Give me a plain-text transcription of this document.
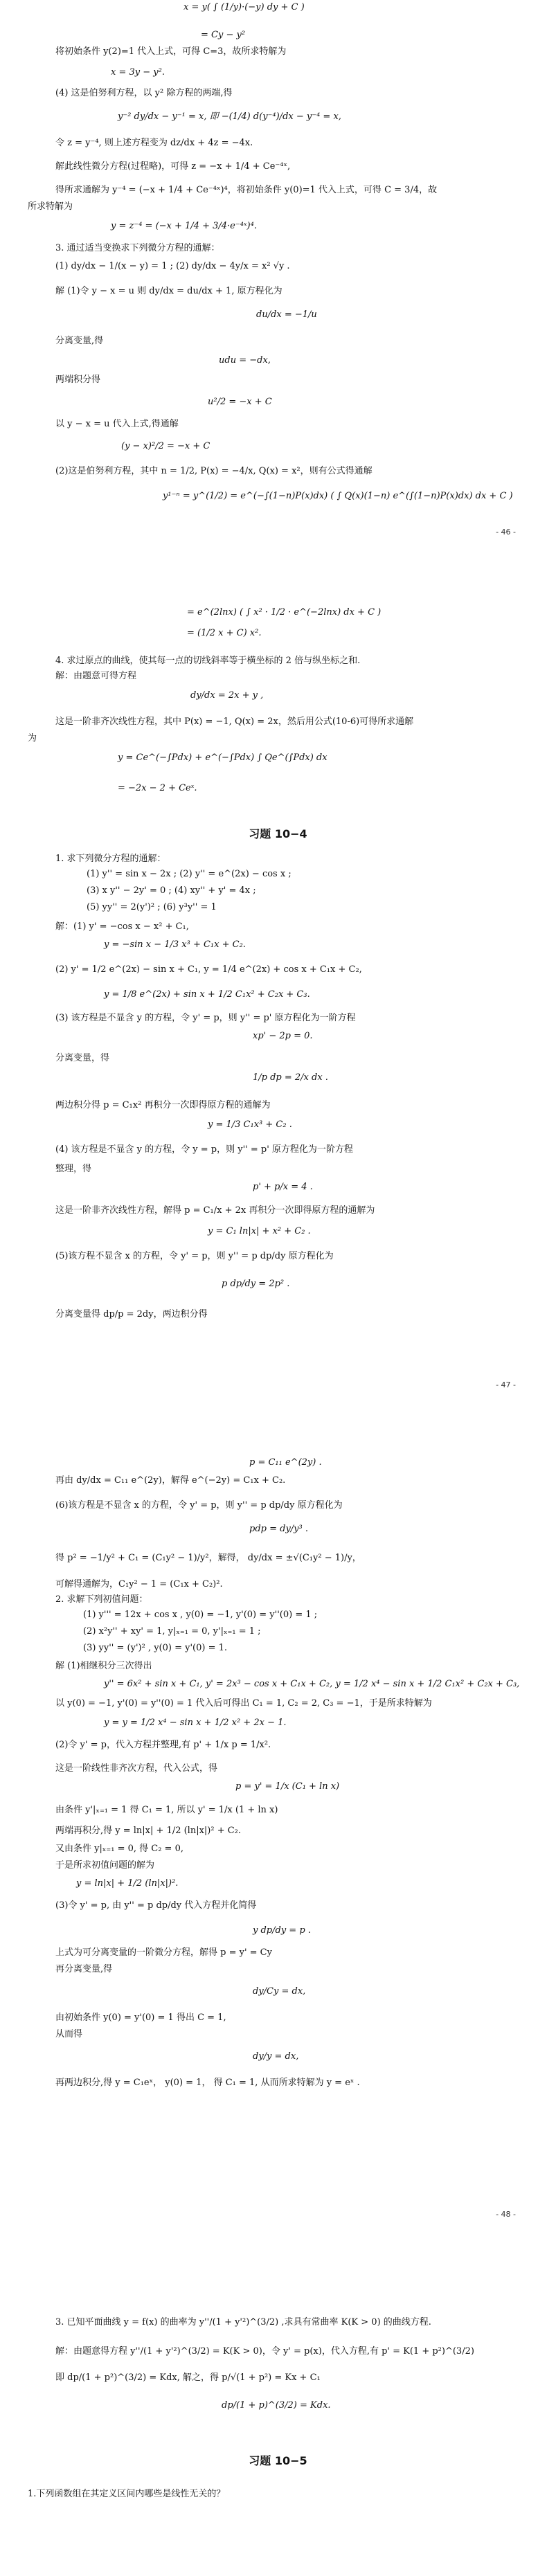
x = y( ∫ (1/y)·(−y) dy + C )
= Cy − y²
将初始条件 y(2)=1 代入上式，可得 C=3，故所求特解为
x = 3y − y².
(4) 这是伯努利方程，以 y² 除方程的两端,得
y⁻² dy/dx − y⁻¹ = x, 即 −(1/4) d(y⁻⁴)/dx − y⁻⁴ = x,
令 z = y⁻⁴, 则上述方程变为 dz/dx + 4z = −4x.
解此线性微分方程(过程略)，可得 z = −x + 1/4 + Ce⁻⁴ˣ,
得所求通解为 y⁻⁴ = (−x + 1/4 + Ce⁻⁴ˣ)⁴，将初始条件 y(0)=1 代入上式，可得 C = 3/4，故
所求特解为
y = z⁻⁴ = (−x + 1/4 + 3/4·e⁻⁴ˣ)⁴.
3. 通过适当变换求下列微分方程的通解：
(1) dy/dx − 1/(x − y) = 1 ; (2) dy/dx − 4y/x = x² √y .
解 (1)令 y − x = u 则 dy/dx = du/dx + 1, 原方程化为
du/dx = −1/u
分离变量,得
udu = −dx,
两端积分得
u²/2 = −x + C
以 y − x = u 代入上式,得通解
(y − x)²/2 = −x + C
(2)这是伯努利方程，其中 n = 1/2, P(x) = −4/x, Q(x) = x²，则有公式得通解
y¹⁻ⁿ = y^(1/2) = e^(−∫(1−n)P(x)dx) ( ∫ Q(x)(1−n) e^(∫(1−n)P(x)dx) dx + C )
- 46 -
= e^(2lnx) ( ∫ x² · 1/2 · e^(−2lnx) dx + C )
= (1/2 x + C) x².
4. 求过原点的曲线，使其每一点的切线斜率等于横坐标的 2 倍与纵坐标之和.
解：由题意可得方程
dy/dx = 2x + y ,
这是一阶非齐次线性方程，其中 P(x) = −1, Q(x) = 2x，然后用公式(10-6)可得所求通解
为
y = Ce^(−∫Pdx) + e^(−∫Pdx) ∫ Qe^(∫Pdx) dx
= −2x − 2 + Ceˣ.
习题 10−4
1. 求下列微分方程的通解：
(1) y'' = sin x − 2x ; (2) y'' = e^(2x) − cos x ;
(3) x y'' − 2y' = 0 ; (4) xy'' + y' = 4x ;
(5) yy'' = 2(y')² ; (6) y³y'' = 1
解：(1) y' = −cos x − x² + C₁,
y = −sin x − 1/3 x³ + C₁x + C₂.
(2) y' = 1/2 e^(2x) − sin x + C₁, y = 1/4 e^(2x) + cos x + C₁x + C₂,
y = 1/8 e^(2x) + sin x + 1/2 C₁x² + C₂x + C₃.
(3) 该方程是不显含 y 的方程，令 y' = p，则 y'' = p' 原方程化为一阶方程
xp' − 2p = 0.
分离变量，得
1/p dp = 2/x dx .
两边积分得 p = C₁x² 再积分一次即得原方程的通解为
y = 1/3 C₁x³ + C₂ .
(4) 该方程是不显含 y 的方程，令 y = p，则 y'' = p' 原方程化为一阶方程
整理，得
p' + p/x = 4 .
这是一阶非齐次线性方程，解得 p = C₁/x + 2x 再积分一次即得原方程的通解为
y = C₁ ln|x| + x² + C₂ .
(5)该方程不显含 x 的方程，令 y' = p，则 y'' = p dp/dy 原方程化为
p dp/dy = 2p² .
分离变量得 dp/p = 2dy，两边积分得
- 47 -
p = C₁₁ e^(2y) .
再由 dy/dx = C₁₁ e^(2y)，解得 e^(−2y) = C₁x + C₂.
(6)该方程是不显含 x 的方程，令 y' = p，则 y'' = p dp/dy 原方程化为
pdp = dy/y³ .
得 p² = −1/y² + C₁ = (C₁y² − 1)/y²，解得， dy/dx = ±√(C₁y² − 1)/y，
可解得通解为，C₁y² − 1 = (C₁x + C₂)².
2. 求解下列初值问题：
(1) y''' = 12x + cos x , y(0) = −1, y'(0) = y''(0) = 1 ;
(2) x²y'' + xy' = 1, y|ₓ₌₁ = 0, y'|ₓ₌₁ = 1 ;
(3) yy'' = (y')² , y(0) = y'(0) = 1.
解 (1)相继积分三次得出
y'' = 6x² + sin x + C₁, y' = 2x³ − cos x + C₁x + C₂, y = 1/2 x⁴ − sin x + 1/2 C₁x² + C₂x + C₃,
以 y(0) = −1, y'(0) = y''(0) = 1 代入后可得出 C₁ = 1, C₂ = 2, C₃ = −1，于是所求特解为
y = y = 1/2 x⁴ − sin x + 1/2 x² + 2x − 1.
(2)令 y' = p，代入方程并整理,有 p' + 1/x p = 1/x².
这是一阶线性非齐次方程，代入公式，得
p = y' = 1/x (C₁ + ln x)
由条件 y'|ₓ₌₁ = 1 得 C₁ = 1, 所以 y' = 1/x (1 + ln x)
两端再积分,得 y = ln|x| + 1/2 (ln|x|)² + C₂.
又由条件 y|ₓ₌₁ = 0, 得 C₂ = 0,
于是所求初值问题的解为
y = ln|x| + 1/2 (ln|x|)².
(3)令 y' = p, 由 y'' = p dp/dy 代入方程并化简得
y dp/dy = p .
上式为可分离变量的一阶微分方程，解得 p = y' = Cy
再分离变量,得
dy/Cy = dx,
由初始条件 y(0) = y'(0) = 1 得出 C = 1,
从而得
dy/y = dx,
再两边积分,得 y = C₁eˣ， y(0) = 1， 得 C₁ = 1, 从而所求特解为 y = eˣ .
- 48 -
3. 已知平面曲线 y = f(x) 的曲率为 y''/(1 + y'²)^(3/2) ,求具有常曲率 K(K > 0) 的曲线方程.
解：由题意得方程 y''/(1 + y'²)^(3/2) = K(K > 0)，令 y' = p(x)，代入方程,有 p' = K(1 + p²)^(3/2)
即 dp/(1 + p²)^(3/2) = Kdx, 解之，得 p/√(1 + p²) = Kx + C₁
dp/(1 + p)^(3/2) = Kdx.
习题 10−5
1.下列函数组在其定义区间内哪些是线性无关的？
